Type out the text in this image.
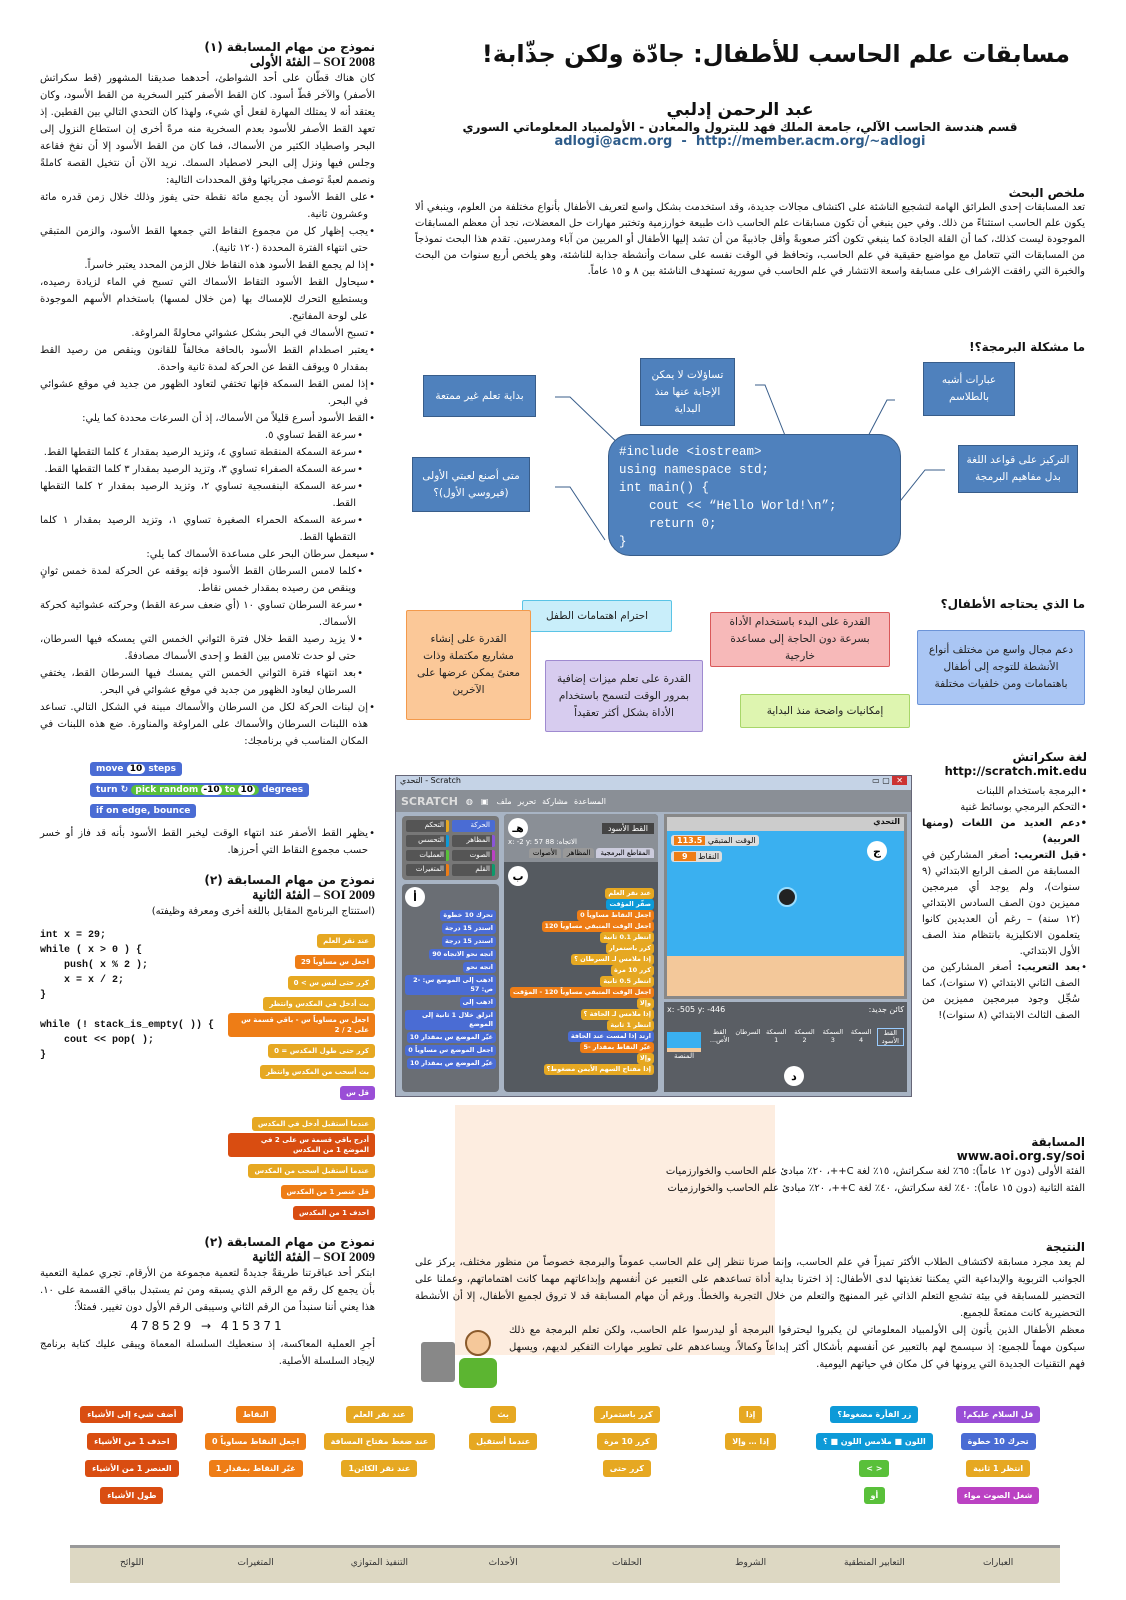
نموذج من مهام المسابقة (١)
SOI 2008 – الفئة الأولى
كان هناك قطّان على أحد الشواطئ، أحدهما صديقنا المشهور (قط سكراتش الأصفر) والآخر قطّ أسود. كان القط الأصفر كثير السخرية من القط الأسود، وكان يعتقد أنه لا يمتلك المهارة لفعل أي شيء، ولهذا كان التحدي التالي بين القطين. إذ تعهد القط الأصفر للأسود بعدم السخرية منه مرةً أخرى إن استطاع النزول إلى البحر واصطياد الكثير من الأسماك، فما كان من القط الأسود إلا أن نفخ فقاعة وجلس فيها ونزل إلى البحر لاصطياد السمك. نريد الآن أن نتخيل القصة كاملةً ونصمم لعبةً توصف مجرياتها وفق المحددات التالية:
• على القط الأسود أن يجمع مائة نقطة حتى يفوز وذلك خلال زمن قدره مائة وعشرون ثانية.
• يجب إظهار كل من مجموع النقاط التي جمعها القط الأسود، والزمن المتبقي حتى انتهاء الفترة المحددة (١٢٠ ثانية).
• إذا لم يجمع القط الأسود هذه النقاط خلال الزمن المحدد يعتبر خاسراً.
• سيحاول القط الأسود التقاط الأسماك التي تسبح في الماء لزيادة رصيده، ويستطيع التحرك للإمساك بها (من خلال لمسها) باستخدام الأسهم الموجودة على لوحة المفاتيح.
• تسبح الأسماك في البحر بشكل عشوائي محاولةً المراوغة.
• يعتبر اصطدام القط الأسود بالحافة مخالفاً للقانون وينقص من رصيد القط بمقدار ٥ ويوقف القط عن الحركة لمدة ثانية واحدة.
• إذا لمس القط السمكة فإنها تختفي لتعاود الظهور من جديد في موقع عشوائي في البحر.
• القط الأسود أسرع قليلاً من الأسماك، إذ أن السرعات محددة كما يلي:
• سرعة القط تساوي ٥.
• سرعة السمكة المنقطة تساوي ٤، وتزيد الرصيد بمقدار ٤ كلما التقطها القط.
• سرعة السمكة الصفراء تساوي ٣، وتزيد الرصيد بمقدار ٣ كلما التقطها القط.
• سرعة السمكة البنفسجية تساوي ٢، وتزيد الرصيد بمقدار ٢ كلما التقطها القط.
• سرعة السمكة الحمراء الصغيرة تساوي ١، وتزيد الرصيد بمقدار ١ كلما التقطها القط.
• سيعمل سرطان البحر على مساعدة الأسماك كما يلي:
• كلما لامس السرطان القط الأسود فإنه يوقفه عن الحركة لمدة خمس ثوانٍ وينقص من رصيده بمقدار خمس نقاط.
• سرعة السرطان تساوي ١٠ (أي ضعف سرعة القط) وحركته عشوائية كحركة الأسماك.
• لا يزيد رصيد القط خلال فترة الثواني الخمس التي يمسكه فيها السرطان، حتى لو حدث تلامس بين القط و إحدى الأسماك مصادفةً.
• بعد انتهاء فترة الثواني الخمس التي يمسك فيها السرطان القط، يختفي السرطان ليعاود الظهور من جديد في موقع عشوائي في البحر.
• إن لبنات الحركة لكل من السرطان والأسماك مبينة في الشكل التالي. تساعد هذه اللبنات السرطان والأسماك على المراوغة والمناورة. ضع هذه اللبنات في المكان المناسب في برنامجك:
move 10 steps
turn ↻ pick random -10 to 10 degrees
if on edge, bounce
• يظهر القط الأصفر عند انتهاء الوقت ليخبر القط الأسود بأنه قد فاز أو خسر حسب مجموع النقاط التي أحرزها.
نموذج من مهام المسابقة (٢)
SOI 2009 – الفئة الثانية
(استنتاج البرنامج المقابل باللغة أخرى ومعرفة وظيفته)
int x = 29;
while ( x > 0 ) {
push( x % 2 );
x = x / 2;
}

while (! stack_is_empty( )) {
cout << pop( );
}
عند نقر العلم
اجعل س مساوياً 29
كرر حتى ليس س > 0
بث أدخل في المكدس وانتظر
اجعل س مساوياً س - باقي قسمة س على 2 / 2
كرر حتى طول المكدس = 0
بث أسحب من المكدس وانتظر
قل س
عندما أستقبل أدخل في المكدس
أدرج باقي قسمة س على 2 في الموضع 1 من المكدس
عندما أستقبل أسحب من المكدس
قل عنصر 1 من المكدس
احذف 1 من المكدس
نموذج من مهام المسابقة (٢)
SOI 2009 – الفئة الثانية
ابتكر أحد عباقرتنا طريقةً جديدةً لتعمية مجموعة من الأرقام. تجري عملية التعمية بأن يجمع كل رقم مع الرقم الذي يسبقه ومن ثم يستبدل بباقي القسمة على ١٠. هذا يعني أننا سنبدأ من الرقم الثاني وسيبقى الرقم الأول دون تغيير. فمثلاً:
478529 → 415371
أجرِ العملية المعاكسة، إذ سنعطيك السلسلة المعماة ويبقى عليك كتابة برنامج لإيجاد السلسلة الأصلية.
مسابقات علم الحاسب للأطفال: جادّة ولكن جذّابة!
عبد الرحمن إدلبي
قسم هندسة الحاسب الآلي، جامعة الملك فهد للبترول والمعادن - الأولمبياد المعلوماتي السوري
adlogi@acm.org - http://member.acm.org/~adlogi
ملخص البحث
تعد المسابقات إحدى الطرائق الهامة لتشجيع الناشئة على اكتشاف مجالات جديدة، وقد استخدمت بشكل واسع لتعريف الأطفال بأنواع مختلفة من العلوم، وينبغي ألا يكون علم الحاسب استثناءً من ذلك. وفي حين ينبغي أن تكون مسابقات علم الحاسب ذات طبيعة خوارزمية وتختبر مهارات حل المعضلات، نجد أن معظم المسابقات الموجودة ليست كذلك، كما أن القلة الجادة كما ينبغي تكون أكثر صعوبةً وأقل جاذبيةً من أن تشد إليها الأطفال أو المربين من آباء ومدرسين. تقدم هذا البحث نموذجاً من المسابقات التي تتعامل مع مواضيع حقيقية في علم الحاسب، وتحافظ في الوقت نفسه على سمات وأنشطة جذابة للناشئة، وهو يلخص أربع سنوات من البحث والخبرة التي رافقت الإشراف على مسابقة واسعة الانتشار في علم الحاسب في سورية تستهدف الناشئة بين ٨ و ١٥ عاماً.
ما مشكلة البرمجة؟!
بداية تعلم غير ممتعة
تساؤلات لا يمكن الإجابة عنها منذ البداية
عبارات أشبه بالطلاسم
متى أصنع لعبتي الأولى (فيروسي الأول)؟
التركيز على قواعد اللغة بدل مفاهيم البرمجة
#include <iostream>
using namespace std;
int main() {
cout << “Hello World!\n”;
return 0;
}
ما الذي يحتاجه الأطفال؟
احترام اهتمامات الطفل
القدرة على إنشاء مشاريع مكتملة وذات معنىً يمكن عرضها على الآخرين
القدرة على البدء باستخدام الأداة بسرعة دون الحاجة إلى مساعدة خارجية
القدرة على تعلم ميزات إضافية بمرور الوقت لتسمح باستخدام الأداة بشكل أكثر تعقيداً	إمكانيات واضحة منذ البداية
دعم مجال واسع من مختلف أنواع الأنشطة للتوجه إلى أطفال باهتمامات ومن خلفيات مختلفة
التحدي - Scratch	▭ ▢ ✕
SCRATCH ◍ ▣ ملف تحرير مشاركة المساعدة
الحركة
التحكم
المظاهر
التحسس
الصوت
العمليات
القلم
المتغيرات
أ
تحرك 10 خطوة
استدر 15 درجة
استدر 15 درجة
اتجه نحو الاتجاه 90
اتجه نحو
اذهب إلى الموضع س: -2 ص: 57
اذهب إلى
انزلق خلال 1 ثانية إلى الموضع
غيّر الموضع س بمقدار 10
اجعل الموضع س مساوياً 0
غيّر الموضع ص بمقدار 10
القط الأسود
هـ
x: -2 y: 57 الاتجاه: 88
المقاطع البرمجية
المظاهر
الأصوات
ب
عند نقر العلم
صفّر المؤقت
اجعل النقاط مساوياً 0
اجعل الوقت المتبقي مساوياً 120
انتظر 0.1 ثانية
كرر باستمرار
إذا ملامس لـ السرطان ؟
كرر 10 مرة
انتظر 0.5 ثانية
اجعل الوقت المتبقي مساوياً 120 - المؤقت
وإلا
إذا ملامس لـ الحافة ؟
انتظر 1 ثانية
ارتد إذا لمست عند الحافة
غيّر النقاط بمقدار -5
وإلا
إذا مفتاح السهم الأيمن مضغوط؟
التحدي
113.5 الوقت المتبقي
9 النقاط	ج
كائن جديد:
x: -505 y: -446
القط الأسود
السمكة 4
السمكة 3
السمكة 2
السمكة 1
السرطان
القط الأص...
المنصة
د
لغة سكراتش
http://scratch.mit.edu
• البرمجة باستخدام اللبنات
• التحكم البرمجي بوسائط غنية
• دعم العديد من اللغات (ومنها العربية)
• قبل التعريب: أصغر المشاركين في المسابقة من الصف الرابع الابتدائي (٩ سنوات)، ولم يوجد أي مبرمجين مميزين دون الصف السادس الابتدائي (١٢ سنة) – رغم أن العديدين كانوا يتعلمون الانكليزية بانتظام منذ الصف الأول الابتدائي.
• بعد التعريب: أصغر المشاركين من الصف الثاني الابتدائي (٧ سنوات)، كما سُجِّل وجود مبرمجين مميزين من الصف الثالث الابتدائي (٨ سنوات)!
المسابقة
www.aoi.org.sy/soi
الفئة الأولى (دون ١٢ عاماً): ٦٥٪ لغة سكراتش، ١٥٪ لغة C++، ٢٠٪ مبادئ علم الحاسب والخوارزميات
الفئة الثانية (دون ١٥ عاماً): ٤٠٪ لغة سكراتش، ٤٠٪ لغة C++، ٢٠٪ مبادئ علم الحاسب والخوارزميات
النتيجة
لم يعد مجرد مسابقة لاكتشاف الطلاب الأكثر تميزاً في علم الحاسب، وإنما صرنا ننظر إلى علم الحاسب عموماً والبرمجة خصوصاً من منظور مختلف، يركز على الجوانب التربوية والإبداعية التي يمكننا تغذيتها لدى الأطفال: إذ اخترنا بداية أداة تساعدهم على التعبير عن أنفسهم وإبداعاتهم مهما كانت اهتماماتهم، وعملنا على التحضير للمسابقة في بيئة تشجع التعلم الذاتي غير الممنهج والتعلم من خلال التجربة والخطأ. ورغم أن مهام المسابقة قد لا تروق لجميع الأطفال، إلا أن الأنشطة التحضيرية كانت ممتعةً للجميع.
معظم الأطفال الذين يأتون إلى الأولمبياد المعلوماتي لن يكبروا ليحترفوا البرمجة أو ليدرسوا علم الحاسب، ولكن تعلم البرمجة مع ذلك سيكون مهماً للجميع: إذ سيسمح لهم بالتعبير عن أنفسهم بأشكال أكثر إبداعاً وكمالاً، ويساعدهم على تطوير مهارات التفكير لديهم، ويسهل فهم التقنيات الجديدة التي يرونها في كل مكان في حياتهم اليومية.
قل السلام عليكم!
تحرك 10 خطوة
انتظر 1 ثانية
شغل الصوت مواء
زر الفأرة مضغوط؟
اللون ■ ملامس اللون ■ ؟
< >
أو
إذا
إذا … وإلا
كرر باستمرار
كرر 10 مرة
كرر حتى
بث
عندما أستقبل
عند نقر العلم
عند ضغط مفتاح المسافة
عند نقر الكائن1
النقاط
اجعل النقاط مساوياً 0
غيّر النقاط بمقدار 1
أضف شيء إلى الأشياء
احذف 1 من الأشياء
العنصر 1 من الأشياء
طول الأشياء
العبارات
التعابير المنطقية
الشروط
الحلقات
الأحداث
التنفيذ المتوازي
المتغيرات
اللوائح
